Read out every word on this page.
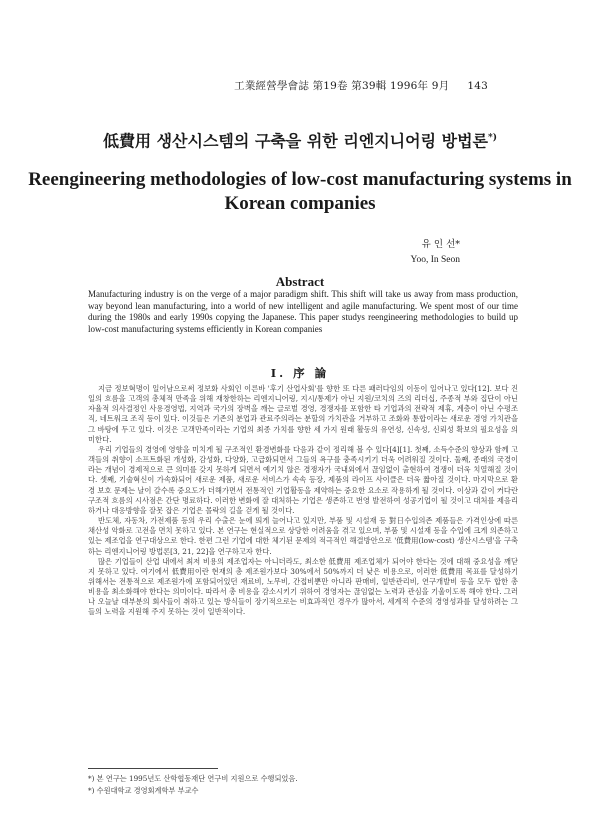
工業經營學會誌 第19卷 第39輯 1996年 9月 143
低費用 생산시스템의 구축을 위한 리엔지니어링 방법론*)
Reengineering methodologies of low-cost manufacturing systems in Korean companies
유 인 선*
Yoo, In Seon
Abstract
Manufacturing industry is on the verge of a major paradigm shift. This shift will take us away from mass production, way beyond lean manufacturing, into a world of new intelligent and agile manufacturing. We spent most of our time during the 1980s and early 1990s copying the Japanese. This paper studys reengineering methodologies to build up low-cost manufacturing systems efficiently in Korean companies
I. 序 論

지금 정보혁명이 일어남으로써 정보화 사회인 이른바 '후기 산업사회'를 향한 또 다른 패러다임의 이동이 일어나고 있다[12]. 보다 진 일의 흐름을 고객의 총체적 만족을 위해 재창한하는 리엔지니어링, 지시/통제가 아닌 지원/코치의 즈의 리더십, 주종적 부와 집단이 아닌 자율적 의사결정인 사용경영법, 지역과 국가의 장벽을 깨는 글로벌 경영, 경쟁자를 포함한 타 기업과의 전략적 제휴, 계층이 아닌 수평조직, 네트워크 조직 등이 있다. 이것들은 기존의 분업과 관료주의라는 분할의 가치관을 거부하고 조화와 통합이라는 새로운 경영 가치관을 그 바탕에 두고 있다. 이것은 고객만족이라는 기업의 최종 가치를 향한 세 가지 원래 활동의 유연성, 신속성, 신뢰성 확보의 필요성을 의미한다.

우리 기업들의 경영에 영향을 미치게 될 구조적인 환경변화를 다음과 같이 정리해 볼 수 있다[4][1]. 첫째, 소득수준의 향상과 함께 고객들의 취향이 소프트화된 개성화, 감성화, 다양화, 고급화되면서 그들의 욕구를 충족시키기 더욱 어려워질 것이다. 둘째, 종래의 국경이라는 개념이 경제적으로 큰 의미를 갖지 못하게 되면서 예기치 않은 경쟁자가 국내외에서 끊임없이 출현하여 경쟁이 더욱 치열해질 것이다. 셋째, 기술혁신이 가속화되어 새로운 제품, 새로운 서비스가 속속 등장, 제품의 라이프 사이클은 더욱 짧아질 것이다. 마지막으로 환경 보호 문제는 날이 갈수록 중요도가 더해가면서 전통적인 기업활동을 제약하는 중요한 요소로 작용하게 될 것이다. 이상과 같이 커다란 구조적 흐름의 시사점은 간단 명료하다. 이러한 변화에 잘 대처하는 기업은 생존하고 번영 발전하여 성공기업이 될 것이고 대처를 제음리 하거나 대응방향을 잘못 잡은 기업은 몰락의 길을 걷게 될 것이다.

반도체, 자동차, 가전제품 등의 우리 수출은 눈에 띄게 늘어나고 있지만, 부품 및 시설재 등 對日수입의존 제품들은 가격인상에 따른 채산성 악화로 고전을 면치 못하고 있다. 본 연구는 현실적으로 상당한 어려움을 겪고 있으며, 부품 및 시설재 등을 수입에 크게 의존하고 있는 제조업을 연구대상으로 한다. 한편 그런 기업에 대한 체기된 문제의 적극적인 해결방안으로 '低費用(low-cost) 생산시스템'을 구축하는 리엔지니어링 방법론[3, 21, 22]을 연구하고자 한다.

많은 기업들이 산업 내에서 최저 비용의 제조업자는 아니더라도, 최소한 低費用 제조업체가 되어야 한다는 것에 대해 중요성을 깨닫지 못하고 있다. 여기에서 低費用이란 현재의 총 제조원가보다 30%에서 50%까지 더 낮은 비용으로, 이러한 低費用 목표를 달성하기 위해서는 전통적으로 제조원가에 포함되어있던 재료비, 노무비, 간접비뿐만 아니라 판매비, 일반관리비, 연구개발비 등을 모두 합한 총 비용을 최소화해야 한다는 의미이다. 따라서 총 비용을 감소시키기 위하여 경영자는 끊임없는 노력과 관심을 기울이도록 해야 한다. 그러나 오늘날 대부분의 회사들이 취하고 있는 방식들이 장기적으로는 비효과적인 경우가 많아서, 세계적 수준의 경영성과를 달성하려는 그들의 노력을 지원해 주지 못하는 것이 일반적이다.

*) 본 연구는 1995년도 산학협동재단 연구비 지원으로 수행되었음.
*) 수원대학교 경영회계학부 부교수
